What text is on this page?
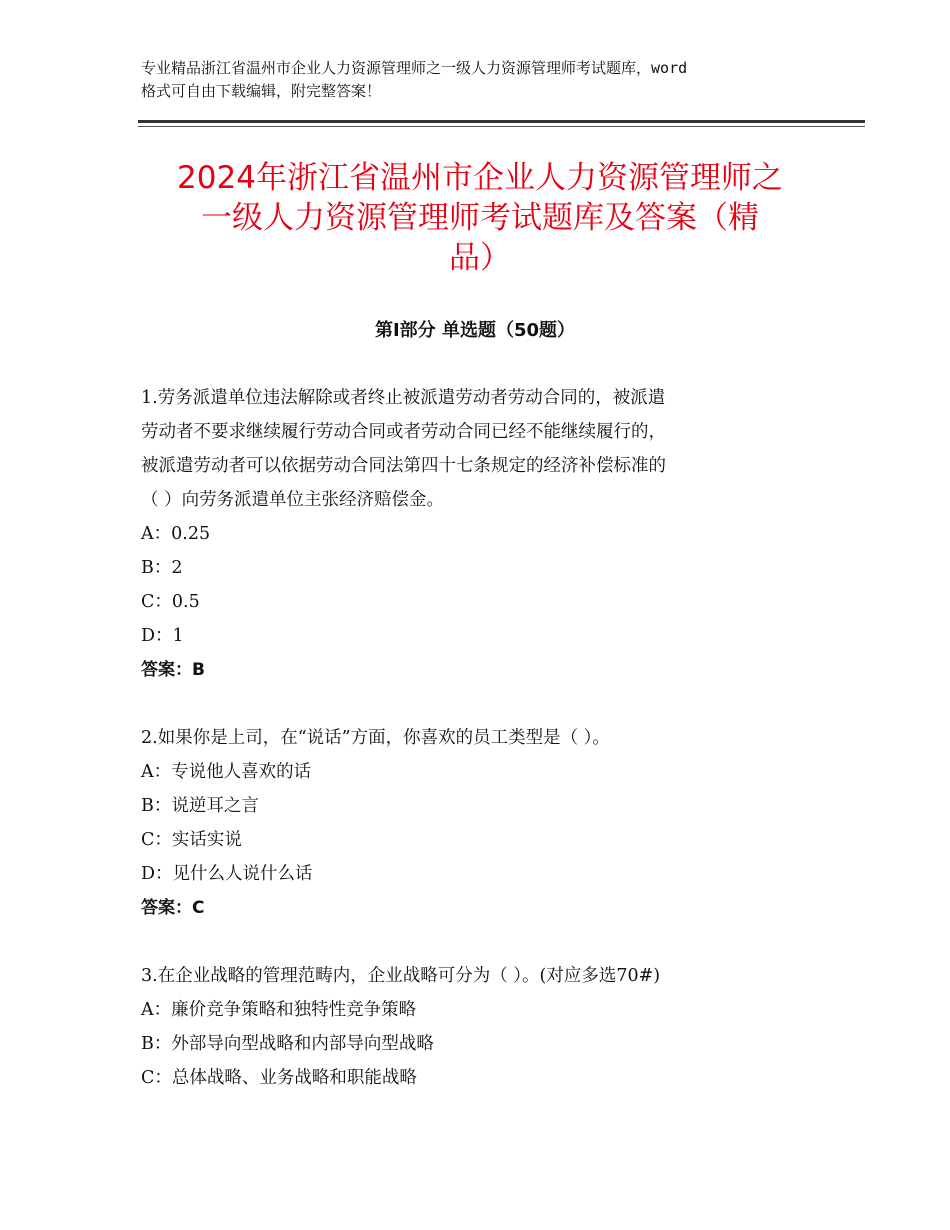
专业精品浙江省温州市企业人力资源管理师之一级人力资源管理师考试题库，word
格式可自由下载编辑，附完整答案！
2024年浙江省温州市企业人力资源管理师之
一级人力资源管理师考试题库及答案（精
品）
第Ⅰ部分 单选题（50题）
1.劳务派遣单位违法解除或者终止被派遣劳动者劳动合同的，被派遣
劳动者不要求继续履行劳动合同或者劳动合同已经不能继续履行的，
被派遣劳动者可以依据劳动合同法第四十七条规定的经济补偿标准的
（ ）向劳务派遣单位主张经济赔偿金。
A：0.25
B：2
C：0.5
D：1
答案：B
2.如果你是上司，在“说话”方面，你喜欢的员工类型是（ ）。
A：专说他人喜欢的话
B：说逆耳之言
C：实话实说
D：见什么人说什么话
答案：C
3.在企业战略的管理范畴内，企业战略可分为（ ）。(对应多选70#)
A：廉价竞争策略和独特性竞争策略
B：外部导向型战略和内部导向型战略
C：总体战略、业务战略和职能战略
